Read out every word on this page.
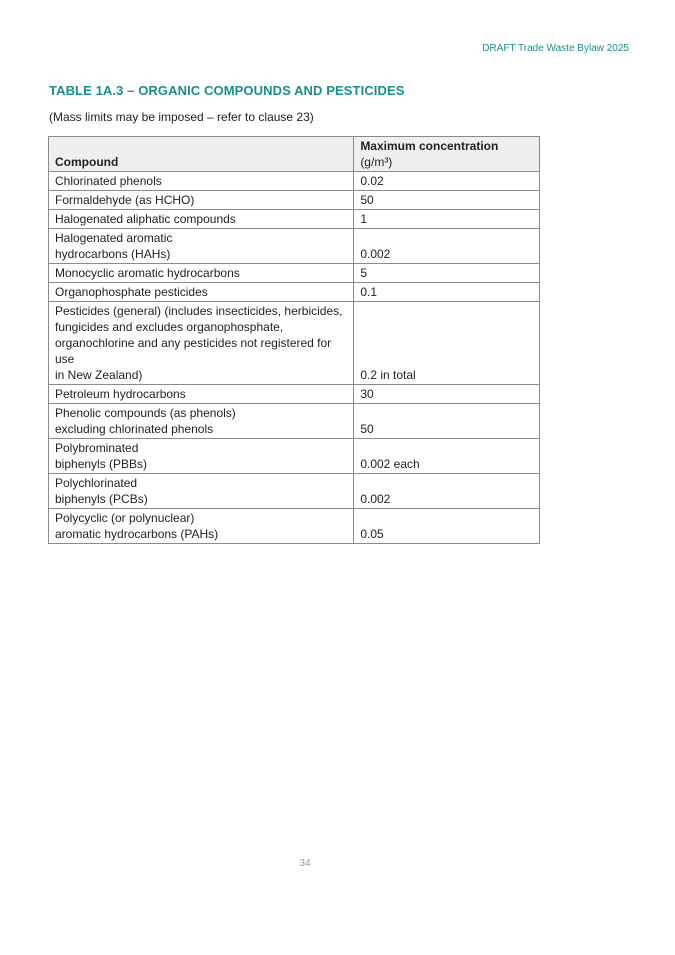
DRAFT Trade Waste Bylaw 2025
TABLE 1A.3 – ORGANIC COMPOUNDS AND PESTICIDES
(Mass limits may be imposed – refer to clause 23)
Compound	Maximum concentration (g/m³)
Chlorinated phenols	0.02
Formaldehyde (as HCHO)	50
Halogenated aliphatic compounds	1
Halogenated aromatic
hydrocarbons (HAHs)	0.002
Monocyclic aromatic hydrocarbons	5
Organophosphate pesticides	0.1
Pesticides (general) (includes insecticides, herbicides,
fungicides and excludes organophosphate,
organochlorine and any pesticides not registered for use
in New Zealand)	0.2 in total
Petroleum hydrocarbons	30
Phenolic compounds (as phenols)
excluding chlorinated phenols	50
Polybrominated
biphenyls (PBBs)	0.002 each
Polychlorinated
biphenyls (PCBs)	0.002
Polycyclic (or polynuclear)
aromatic hydrocarbons (PAHs)	0.05
34
